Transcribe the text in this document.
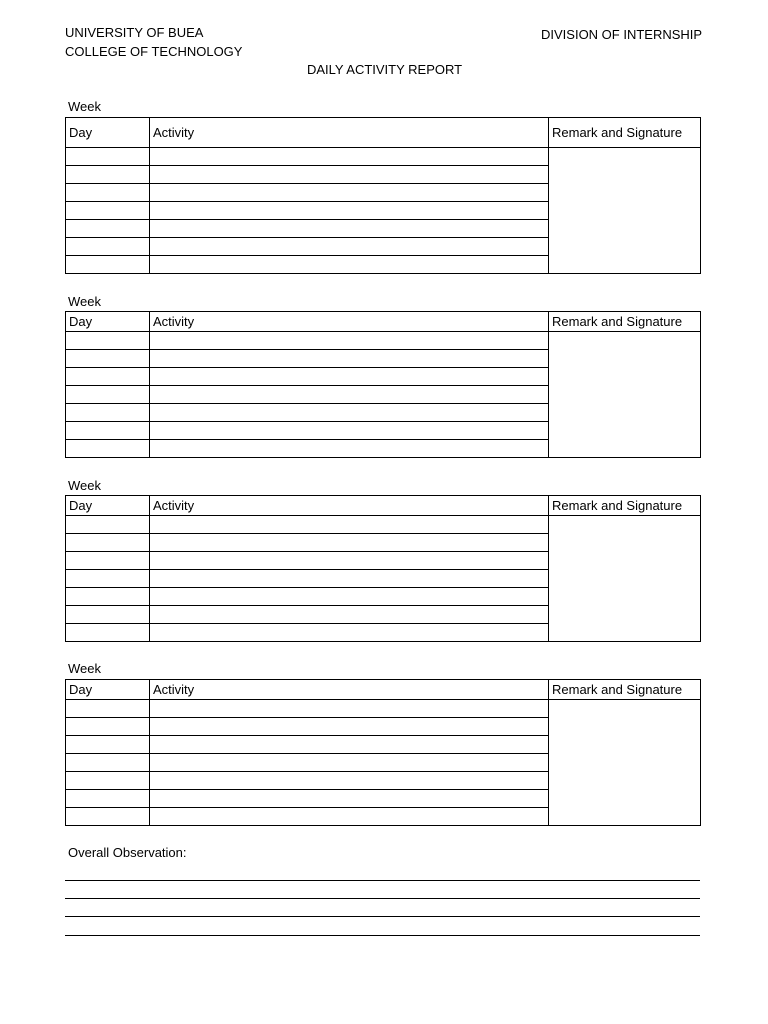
UNIVERSITY OF BUEA
COLLEGE OF TECHNOLOGY
DIVISION OF INTERNSHIP
DAILY ACTIVITY REPORT
Week
Day	Activity	Remark and Signature

Week
Day	Activity	Remark and Signature

Week
Day	Activity	Remark and Signature

Week
Day	Activity	Remark and Signature

Overall Observation:
